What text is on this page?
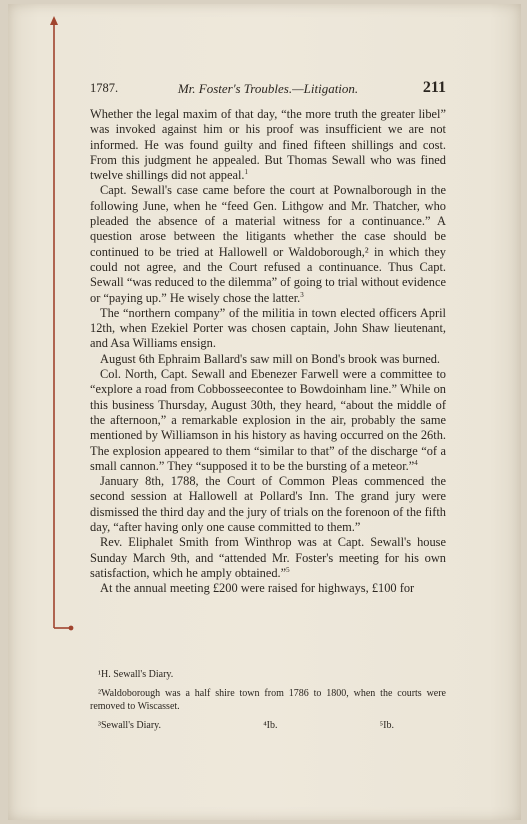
1787.	Mr. Foster's Troubles.—Litigation.	211

Whether the legal maxim of that day, “the more truth the greater libel” was invoked against him or his proof was insufficient we are not informed. He was found guilty and fined fifteen shillings and cost. From this judgment he appealed. But Thomas Sewall who was fined twelve shillings did not appeal.$^1$

Capt. Sewall's case came before the court at Pownalborough in the following June, when he “feed Gen. Lithgow and Mr. Thatcher, who pleaded the absence of a material witness for a continuance.” A question arose between the litigants whether the case should be continued to be tried at Hallowell or Waldoborough,² in which they could not agree, and the Court refused a continuance. Thus Capt. Sewall “was reduced to the dilemma” of going to trial without evidence or “paying up.” He wisely chose the latter.$^3$

The “northern company” of the militia in town elected officers April 12th, when Ezekiel Porter was chosen captain, John Shaw lieutenant, and Asa Williams ensign.

August 6th Ephraim Ballard's saw mill on Bond's brook was burned.

Col. North, Capt. Sewall and Ebenezer Farwell were a committee to “explore a road from Cobbosseecontee to Bowdoinham line.” While on this business Thursday, August 30th, they heard, “about the middle of the afternoon,” a remarkable explosion in the air, probably the same mentioned by Williamson in his history as having occurred on the 26th. The explosion appeared to them “similar to that” of the discharge “of a small cannon.” They “supposed it to be the bursting of a meteor.”$^4$

January 8th, 1788, the Court of Common Pleas commenced the second session at Hallowell at Pollard's Inn. The grand jury were dismissed the third day and the jury of trials on the forenoon of the fifth day, “after having only one cause committed to them.”

Rev. Eliphalet Smith from Winthrop was at Capt. Sewall's house Sunday March 9th, and “attended Mr. Foster's meeting for his own satisfaction, which he amply obtained.”$^5$

At the annual meeting £200 were raised for highways, £100 for

¹H. Sewall's Diary.

²Waldoborough was a half shire town from 1786 to 1800, when the courts were removed to Wiscasset.

³Sewall's Diary.	⁴Ib.	⁵Ib.
